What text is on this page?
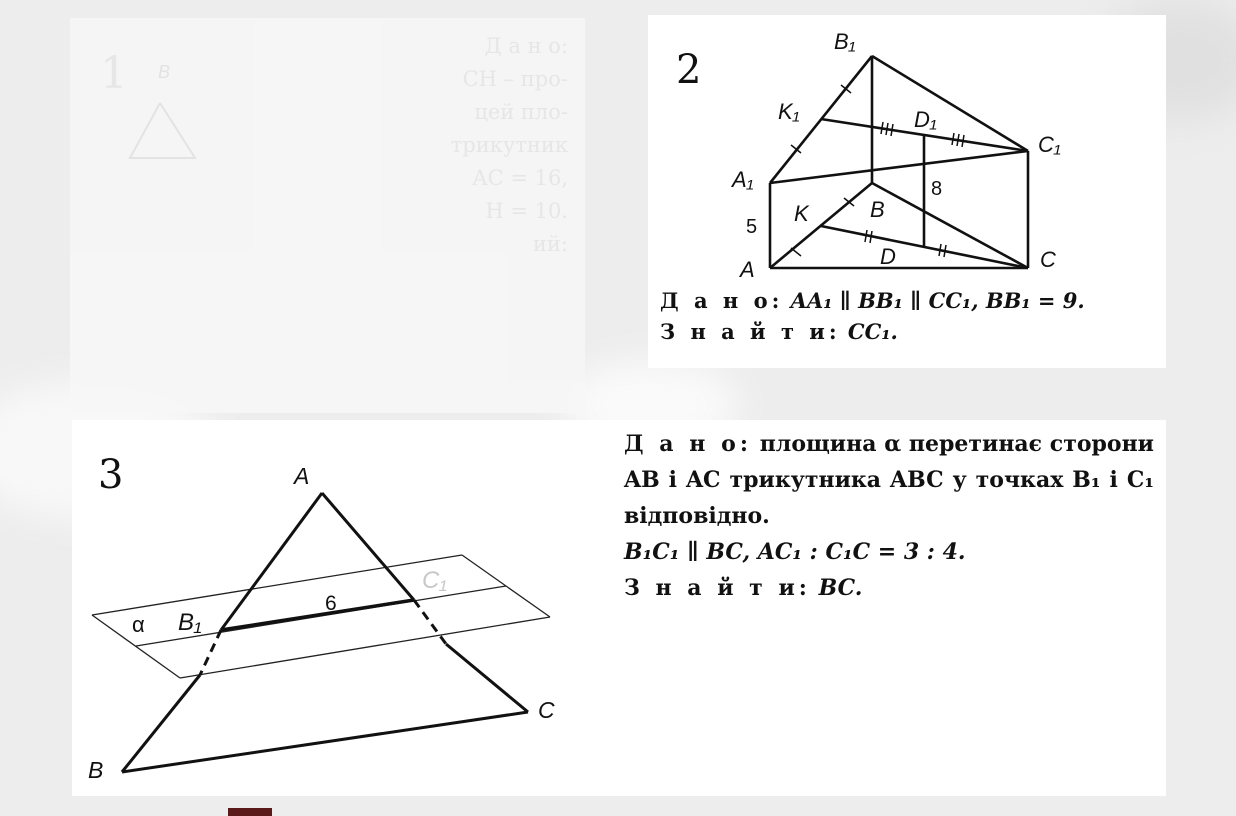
1 B
Д а н о:
CH – про-
цей пло-
трикутник
AC = 16,
H = 10.
ий:
2
B₁
K₁	D₁
C₁
A₁
5
8
K	B
D
A	C
Д а н о: AA₁ ∥ BB₁ ∥ CC₁, BB₁ = 9.
З н а й т и: CC₁.
3	A
B₁
C₁
α
6
C
B
Д а н о: площина α перетинає сторони AB і AC трикутника ABC у точках B₁ і C₁ відповідно.
B₁C₁ ∥ BC, AC₁ : C₁C = 3 : 4.
З н а й т и: BC.
